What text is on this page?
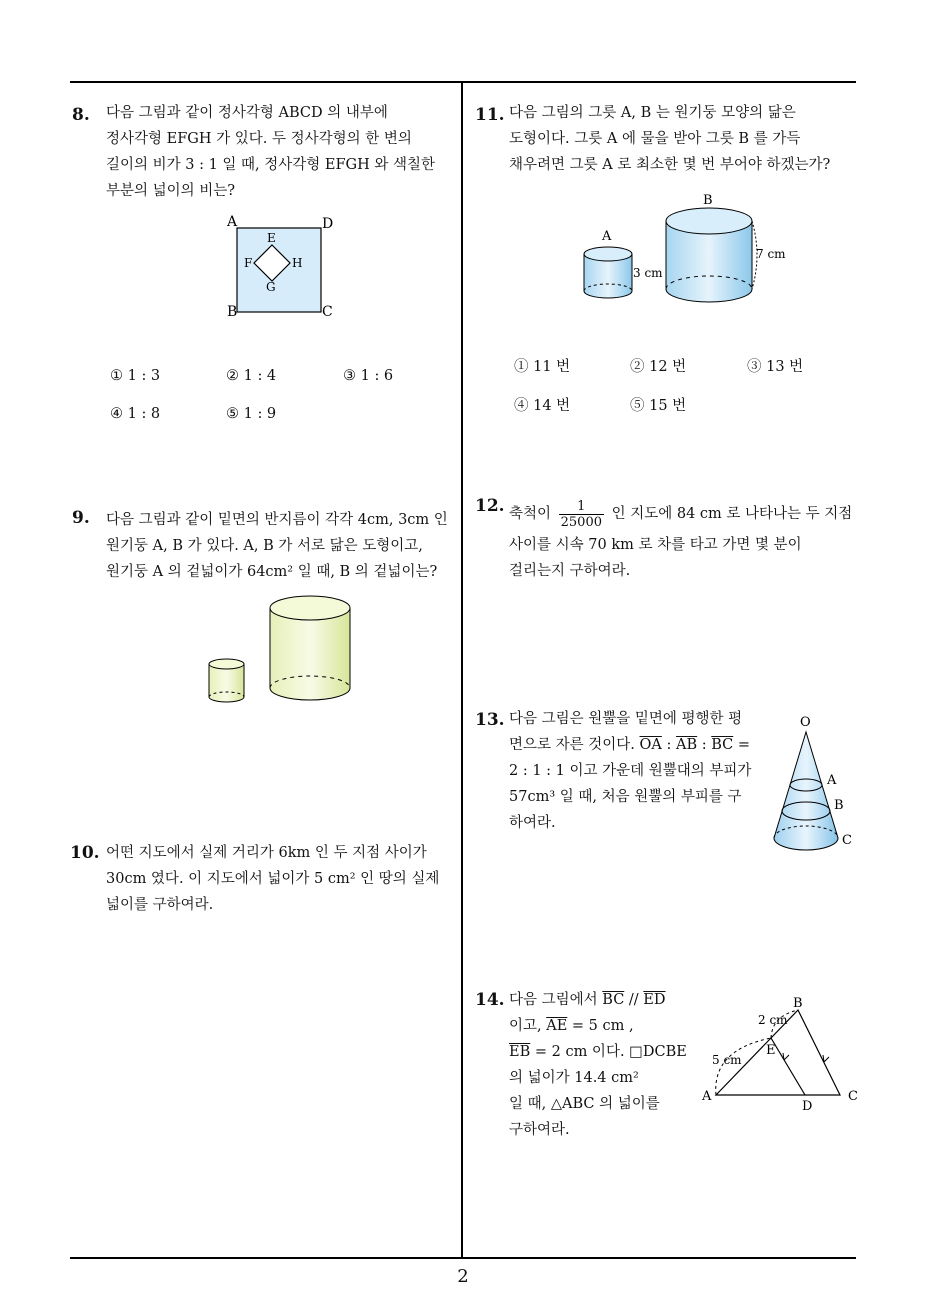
8. 다음 그림과 같이 정사각형 ABCD 의 내부에

정사각형 EFGH 가 있다. 두 정사각형의 한 변의

길이의 비가 3 : 1 일 때, 정사각형 EFGH 와 색칠한

부분의 넓이의 비는?

A	D
B	C
E
F	H
G
① 1 : 3	② 1 : 4	③ 1 : 6
④ 1 : 8	⑤ 1 : 9
9. 다음 그림과 같이 밑면의 반지름이 각각 4cm, 3cm 인

원기둥 A, B 가 있다. A, B 가 서로 닮은 도형이고,

원기둥 A 의 겉넓이가 64cm² 일 때, B 의 겉넓이는?

10. 어떤 지도에서 실제 거리가 6km 인 두 지점 사이가

30cm 였다. 이 지도에서 넓이가 5 cm² 인 땅의 실제

넓이를 구하여라.

11. 다음 그림의 그릇 A, B 는 원기둥 모양의 닮은

도형이다. 그릇 A 에 물을 받아 그릇 B 를 가득

채우려면 그릇 A 로 최소한 몇 번 부어야 하겠는가?

A
3 cm
B
7 cm
① 11 번	② 12 번	③ 13 번
④ 14 번	⑤ 15 번
12. 축척이 $\frac{1}{25000}$ 인 지도에 84 cm 로 나타나는 두 지점

사이를 시속 70 km 로 차를 타고 가면 몇 분이

걸리는지 구하여라.

13. 다음 그림은 원뿔을 밑면에 평행한 평

면으로 자른 것이다. $\overline{OA}$ : $\overline{AB}$ : $\overline{BC}$ =

2 : 1 : 1 이고 가운데 원뿔대의 부피가

57cm³ 일 때, 처음 원뿔의 부피를 구

하여라.

O
A
B
C
14. 다음 그림에서 $\overline{BC} // \overline{ED}$

이고, $\overline{AE} = 5$ cm ,

$\overline{EB} = 2$ cm 이다. □DCBE

의 넓이가 14.4 cm²

일 때, △ABC 의 넓이를

구하여라.

A
B
C
D
E
2 cm
5 cm
2
